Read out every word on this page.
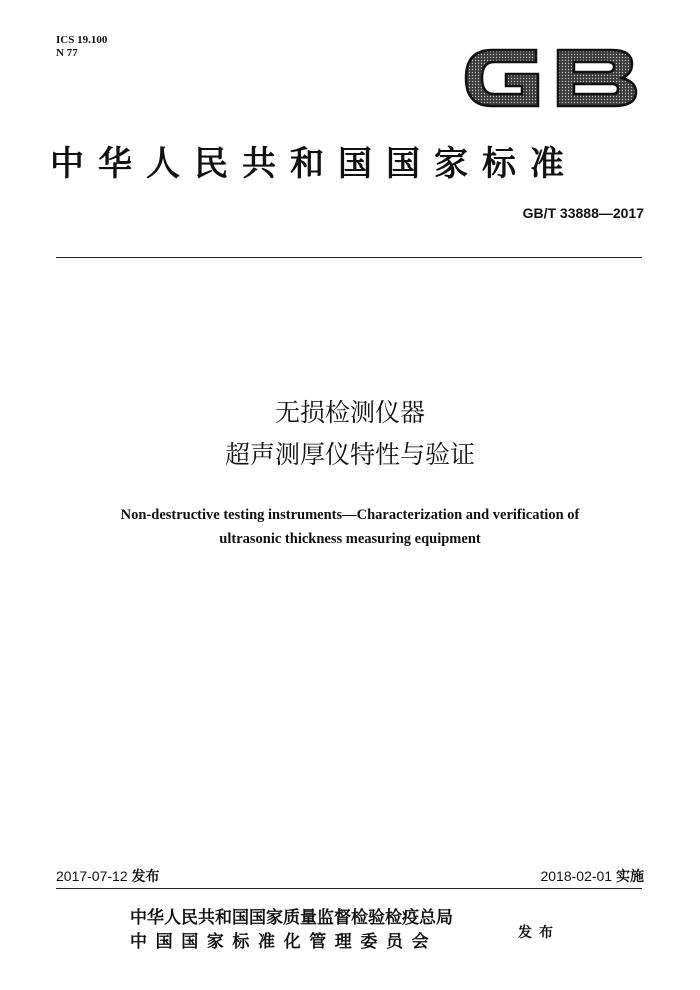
ICS 19.100
N 77
中华人民共和国国家标准
GB/T 33888—2017
无损检测仪器
超声测厚仪特性与验证
Non-destructive testing instruments—Characterization and verification of
ultrasonic thickness measuring equipment
2017-07-12 发布	2018-02-01 实施
中华人民共和国国家质量监督检验检疫总局
中国国家标准化管理委员会	发布
